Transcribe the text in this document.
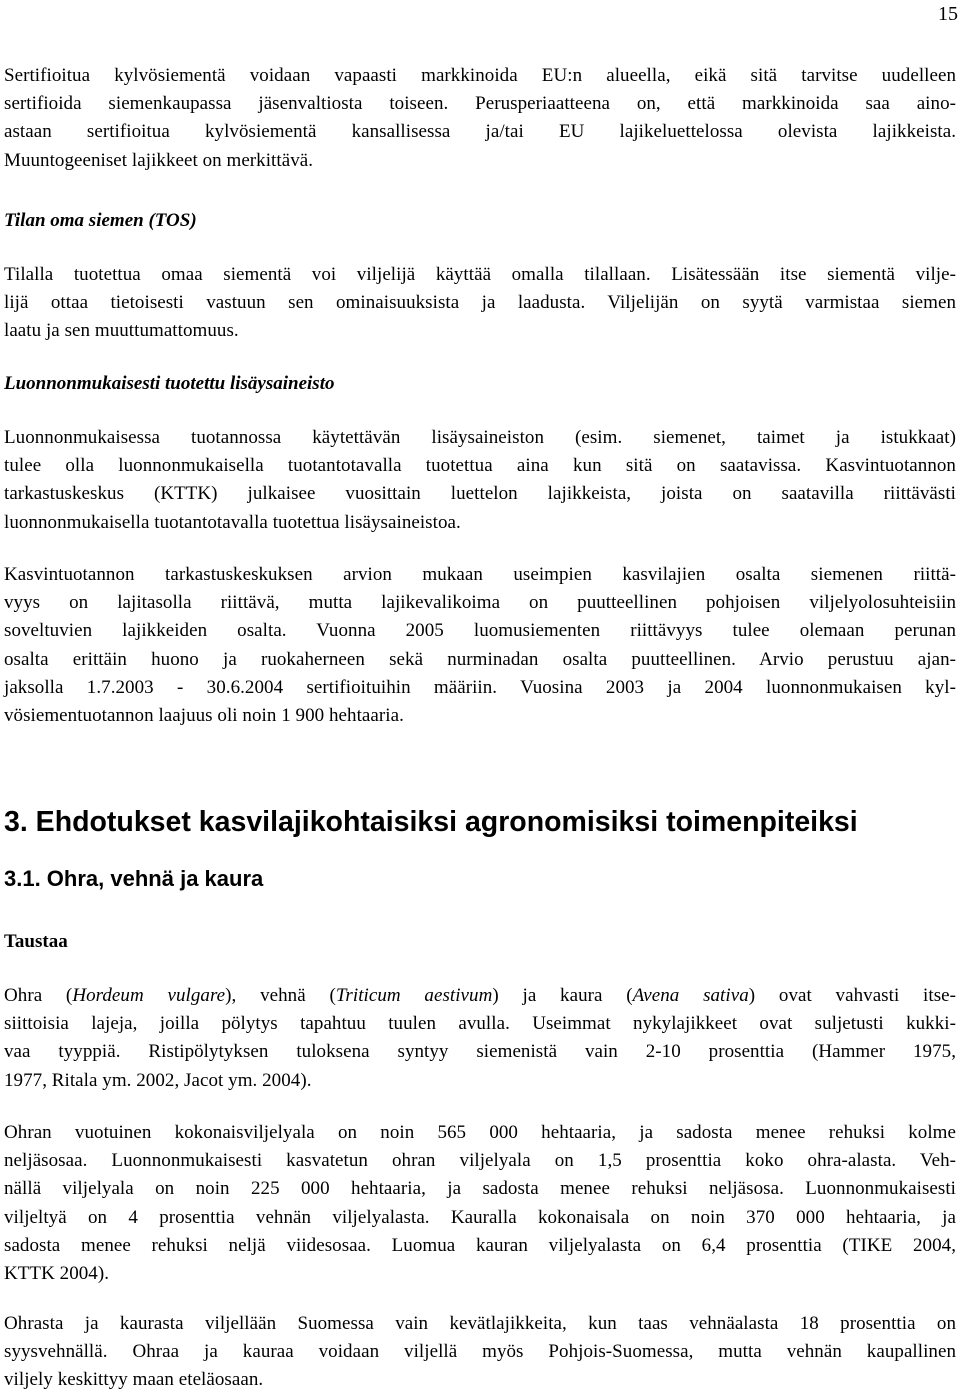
15
Sertifioitua kylvösiementä voidaan vapaasti markkinoida EU:n alueella, eikä sitä tarvitse uudelleen
sertifioida siemenkaupassa jäsenvaltiosta toiseen. Perusperiaatteena on, että markkinoida saa aino-
astaan sertifioitua kylvösiementä kansallisessa ja/tai EU lajikeluettelossa olevista lajikkeista.
Muuntogeeniset lajikkeet on merkittävä.
Tilan oma siemen (TOS)
Tilalla tuotettua omaa siementä voi viljelijä käyttää omalla tilallaan. Lisätessään itse siementä vilje-
lijä ottaa tietoisesti vastuun sen ominaisuuksista ja laadusta. Viljelijän on syytä varmistaa siemen
laatu ja sen muuttumattomuus.
Luonnonmukaisesti tuotettu lisäysaineisto
Luonnonmukaisessa tuotannossa käytettävän lisäysaineiston (esim. siemenet, taimet ja istukkaat)
tulee olla luonnonmukaisella tuotantotavalla tuotettua aina kun sitä on saatavissa. Kasvintuotannon
tarkastuskeskus (KTTK) julkaisee vuosittain luettelon lajikkeista, joista on saatavilla riittävästi
luonnonmukaisella tuotantotavalla tuotettua lisäysaineistoa.
Kasvintuotannon tarkastuskeskuksen arvion mukaan useimpien kasvilajien osalta siemenen riittä-
vyys on lajitasolla riittävä, mutta lajikevalikoima on puutteellinen pohjoisen viljelyolosuhteisiin
soveltuvien lajikkeiden osalta. Vuonna 2005 luomusiementen riittävyys tulee olemaan perunan
osalta erittäin huono ja ruokaherneen sekä nurminadan osalta puutteellinen. Arvio perustuu ajan-
jaksolla 1.7.2003 - 30.6.2004 sertifioituihin määriin. Vuosina 2003 ja 2004 luonnonmukaisen kyl-
vösiementuotannon laajuus oli noin 1 900 hehtaaria.
3. Ehdotukset kasvilajikohtaisiksi agronomisiksi toimenpiteiksi
3.1. Ohra, vehnä ja kaura
Taustaa
Ohra (Hordeum vulgare), vehnä (Triticum aestivum) ja kaura (Avena sativa) ovat vahvasti itse-
siittoisia lajeja, joilla pölytys tapahtuu tuulen avulla. Useimmat nykylajikkeet ovat suljetusti kukki-
vaa tyyppiä. Ristipölytyksen tuloksena syntyy siemenistä vain 2-10 prosenttia (Hammer 1975,
1977, Ritala ym. 2002, Jacot ym. 2004).
Ohran vuotuinen kokonaisviljelyala on noin 565 000 hehtaaria, ja sadosta menee rehuksi kolme
neljäsosaa. Luonnonmukaisesti kasvatetun ohran viljelyala on 1,5 prosenttia koko ohra-alasta. Veh-
nällä viljelyala on noin 225 000 hehtaaria, ja sadosta menee rehuksi neljäsosa. Luonnonmukaisesti
viljeltyä on 4 prosenttia vehnän viljelyalasta. Kauralla kokonaisala on noin 370 000 hehtaaria, ja
sadosta menee rehuksi neljä viidesosaa. Luomua kauran viljelyalasta on 6,4 prosenttia (TIKE 2004,
KTTK 2004).
Ohrasta ja kaurasta viljellään Suomessa vain kevätlajikkeita, kun taas vehnäalasta 18 prosenttia on
syysvehnällä. Ohraa ja kauraa voidaan viljellä myös Pohjois-Suomessa, mutta vehnän kaupallinen
viljely keskittyy maan eteläosaan.
